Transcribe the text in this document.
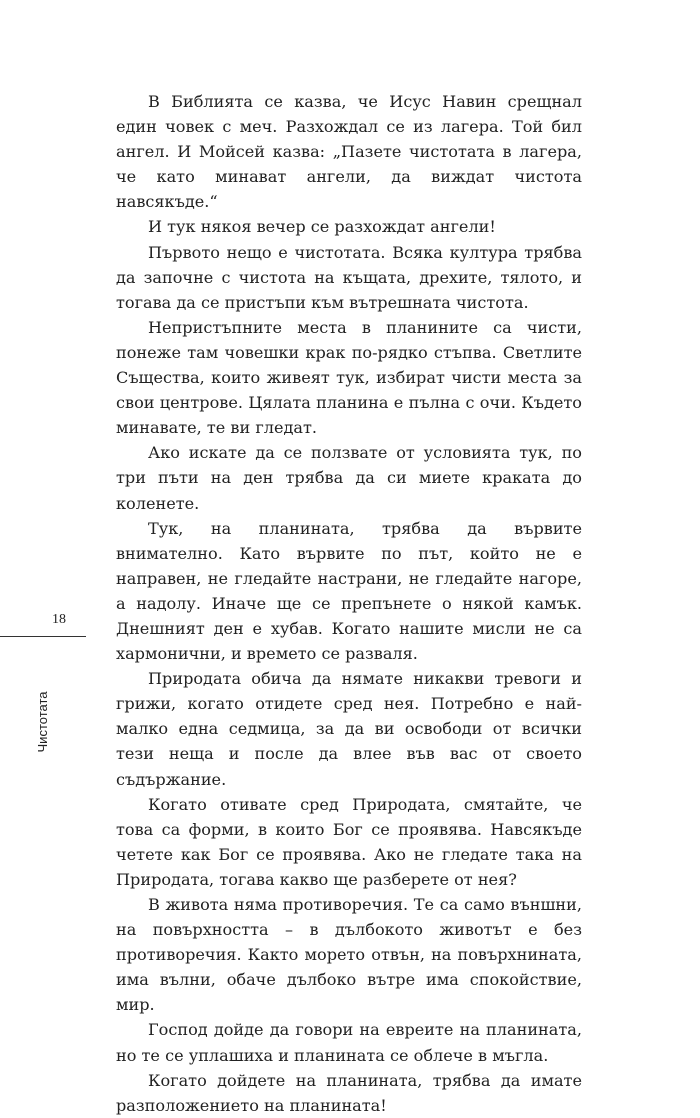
В Библията се казва, че Исус Навин срещнал един човек с меч. Разхождал се из лагера. Той бил ангел. И Мойсей казва: „Пазете чистотата в лагера, че като минават ангели, да виждат чистота навсякъде.“

И тук някоя вечер се разхождат ангели!

Първото нещо е чистотата. Всяка култура трябва да започне с чистота на къщата, дрехите, тялото, и тогава да се пристъпи към вътрешната чистота.

Непристъпните места в планините са чисти, понеже там човешки крак по-рядко стъпва. Светлите Същества, които живеят тук, избират чисти места за свои центрове. Цялата планина е пълна с очи. Където минавате, те ви гледат.

Ако искате да се ползвате от условията тук, по три пъти на ден трябва да си миете краката до коленете.

Тук, на планината, трябва да вървите внимателно. Като вървите по път, който не е направен, не гледайте настрани, не гледайте нагоре, а надолу. Иначе ще се препънете о някой камък. Днешният ден е хубав. Когато нашите мисли не са хармонични, и времето се разваля.

Природата обича да нямате никакви тревоги и грижи, когато отидете сред нея. Потребно е най-малко една седмица, за да ви освободи от всички тези неща и после да влее във вас от своето съдържание.

Когато отивате сред Природата, смятайте, че това са форми, в които Бог се проявява. Навсякъде четете как Бог се проявява. Ако не гледате така на Природата, тогава какво ще разберете от нея?

В живота няма противоречия. Те са само външни, на повърхността – в дълбокото животът е без противоречия. Както морето отвън, на повърхнината, има вълни, обаче дълбоко вътре има спокойствие, мир.

Господ дойде да говори на евреите на планината, но те се уплашиха и планината се облече в мъгла.

Когато дойдете на планината, трябва да имате разположението на планината!

18
Чистотата
